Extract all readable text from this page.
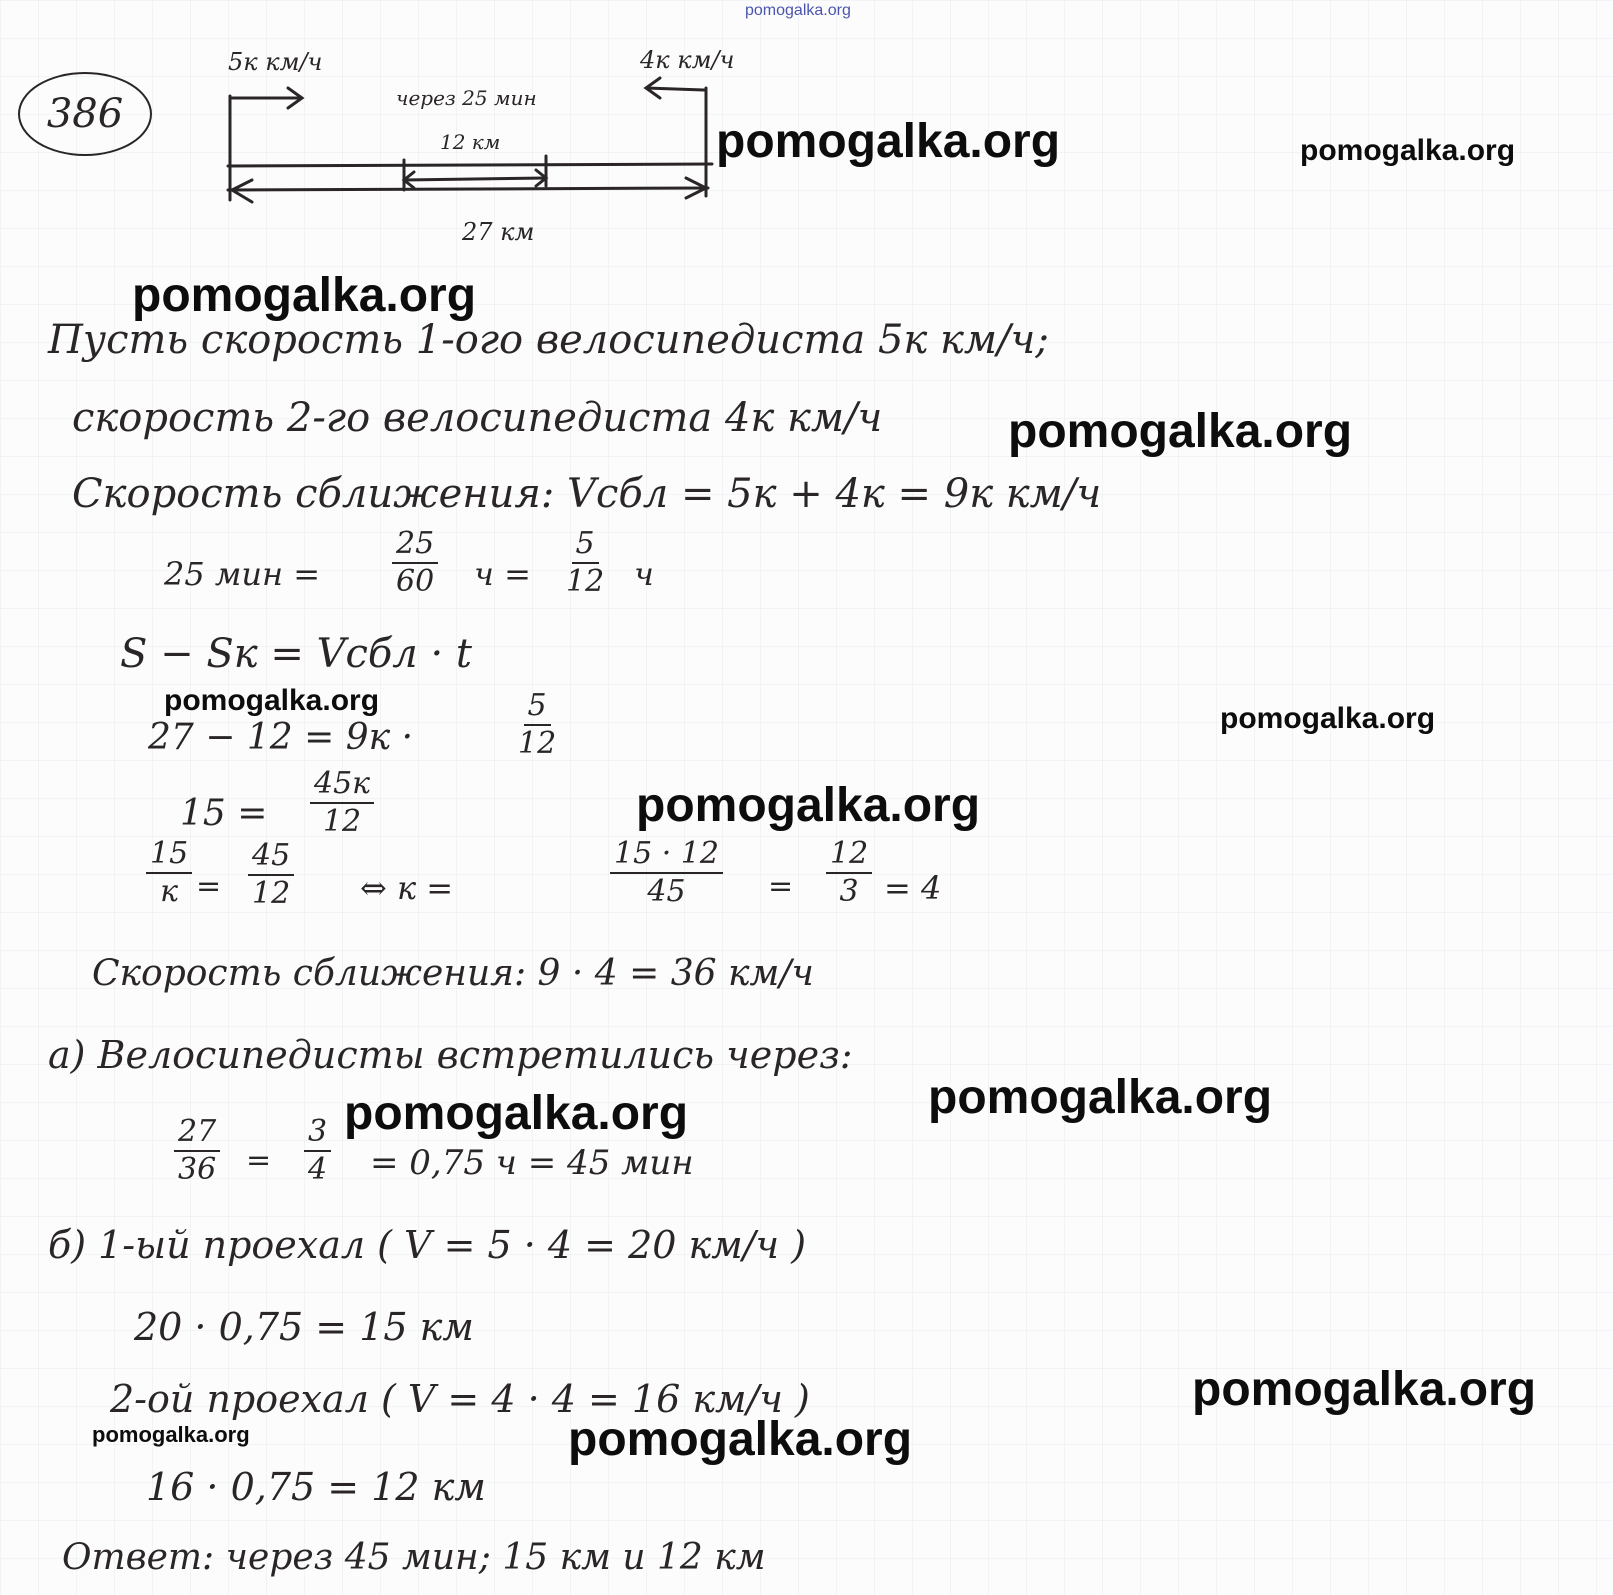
pomogalka.org
386
5к км/ч	4к км/ч
через 25 мин
12 км
27 км
Пусть скорость 1-ого велосипедиста 5к км/ч;
скорость 2-го велосипедиста 4к км/ч
Скорость сближения: Vсбл = 5к + 4к = 9к км/ч
25 мин = $\frac{25}{60}$ $ч = \frac{5}{12}$ ч
S − Sк = Vсбл · t
27 − 12 = 9к ·	$\frac{5}{12}$
15 =
45к
12
15
$к = \frac{45}{12}$ ⇔ к =	$\frac{15 \cdot 12}{45} = \frac{12}{3} = 4$
Скорость сближения: 9 · 4 = 36 км/ч
а) Велосипедисты встретились через:
$\frac{27}{36} = \frac{3}{4} = 0,75$ ч = 45 мин
б) 1-ый проехал ( V = 5 · 4 = 20 км/ч )
20 · 0,75 = 15 км
2-ой проехал ( V = 4 · 4 = 16 км/ч )
16 · 0,75 = 12 км
Ответ: через 45 мин; 15 км и 12 км
pomogalka.org	pomogalka.org
pomogalka.org
pomogalka.org
pomogalka.org
pomogalka.org
pomogalka.org
pomogalka.org
pomogalka.org
pomogalka.org
pomogalka.org	pomogalka.org
